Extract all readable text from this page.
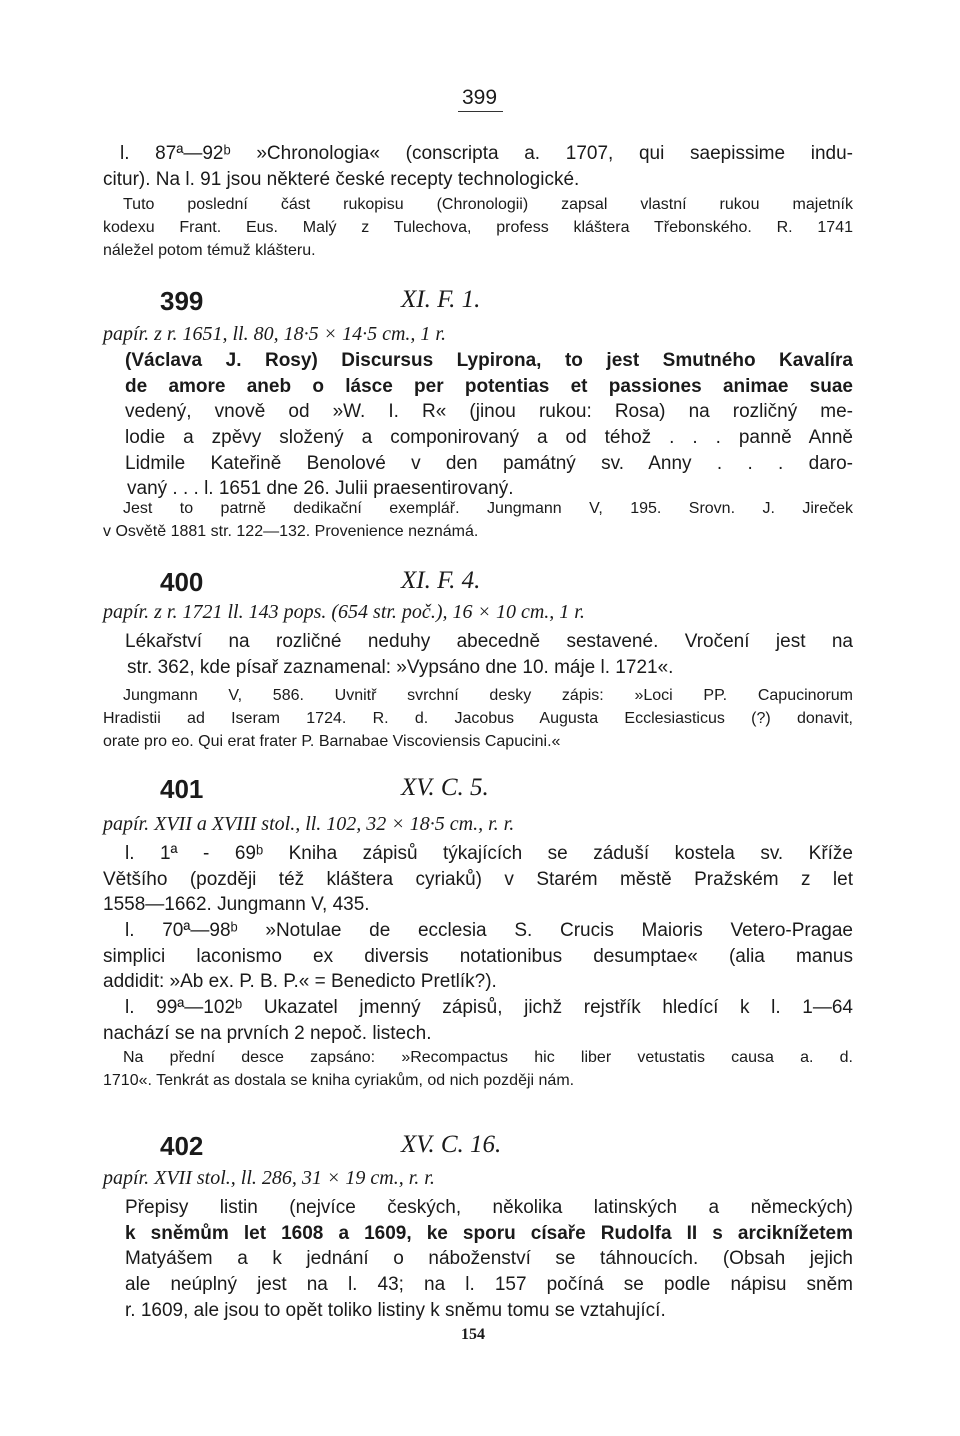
399
l. 87ª—92ᵇ »Chronologia« (conscripta a. 1707, qui saepissime indu-
citur). Na l. 91 jsou některé české recepty technologické.
Tuto poslední část rukopisu (Chronologii) zapsal vlastní rukou majetník
kodexu Frant. Eus. Malý z Tulechova, profess kláštera Třebonského. R. 1741
náležel potom témuž klášteru.
399	XI. F. 1.
papír. z r. 1651, ll. 80, 18·5 × 14·5 cm., 1 r.
(Václava J. Rosy) Discursus Lypirona, to jest Smutného Kavalíra
de amore aneb o lásce per potentias et passiones animae suae
vedený, vnově od »W. I. R« (jinou rukou: Rosa) na rozličný me-
lodie a zpěvy složený a componirovaný a od téhož . . . panně Anně
Lidmile Kateřině Benolové v den památný sv. Anny . . . daro-
vaný . . . l. 1651 dne 26. Julii praesentirovaný.
Jest to patrně dedikační exemplář. Jungmann V, 195. Srovn. J. Jireček
v Osvětě 1881 str. 122—132. Provenience neznámá.
400	XI. F. 4.
papír. z r. 1721 ll. 143 pops. (654 str. poč.), 16 × 10 cm., 1 r.
Lékařství na rozličné neduhy abecedně sestavené. Vročení jest na
str. 362, kde písař zaznamenal: »Vypsáno dne 10. máje l. 1721«.
Jungmann V, 586. Uvnitř svrchní desky zápis: »Loci PP. Capucinorum
Hradistii ad Iseram 1724. R. d. Jacobus Augusta Ecclesiasticus (?) donavit,
orate pro eo. Qui erat frater P. Barnabae Viscoviensis Capucini.«
401	XV. C. 5.
papír. XVII a XVIII stol., ll. 102, 32 × 18·5 cm., r. r.
l. 1ª - 69ᵇ Kniha zápisů týkajících se záduší kostela sv. Kříže
Většího (později též kláštera cyriaků) v Starém městě Pražském z let
1558—1662. Jungmann V, 435.
l. 70ª—98ᵇ »Notulae de ecclesia S. Crucis Maioris Vetero-Pragae
simplici laconismo ex diversis notationibus desumptae« (alia manus
addidit: »Ab ex. P. B. P.« = Benedicto Pretlík?).
l. 99ª—102ᵇ Ukazatel jmenný zápisů, jichž rejstřík hledící k l. 1—64
nachází se na prvních 2 nepoč. listech.
Na přední desce zapsáno: »Recompactus hic liber vetustatis causa a. d.
1710«. Tenkrát as dostala se kniha cyriakům, od nich později nám.
402	XV. C. 16.
papír. XVII stol., ll. 286, 31 × 19 cm., r. r.
Přepisy listin (nejvíce českých, několika latinských a německých)
k sněmům let 1608 a 1609, ke sporu císaře Rudolfa II s arciknížetem
Matyášem a k jednání o náboženství se táhnoucích. (Obsah jejich
ale neúplný jest na l. 43; na l. 157 počíná se podle nápisu sněm
r. 1609, ale jsou to opět toliko listiny k sněmu tomu se vztahující.
154
